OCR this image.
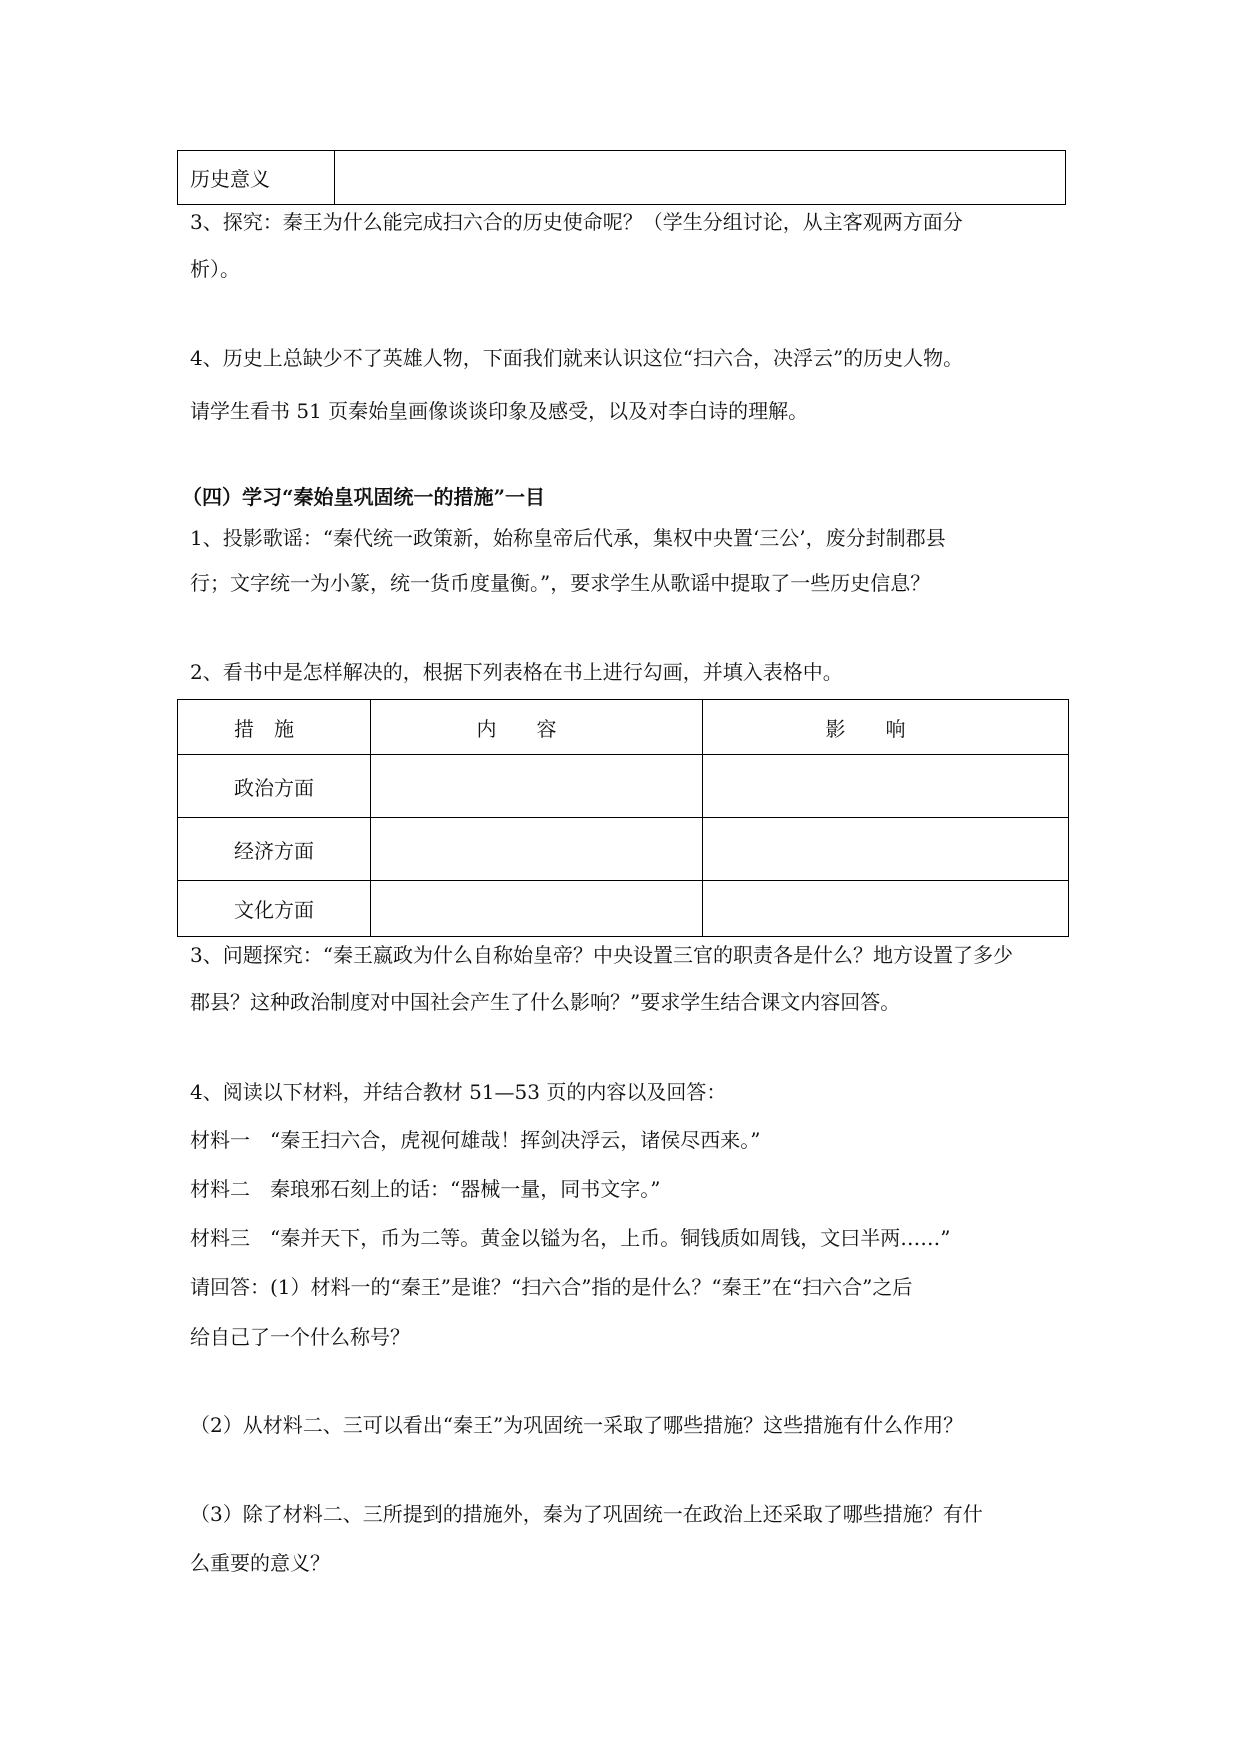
历史意义	
3、探究：秦王为什么能完成扫六合的历史使命呢？（学生分组讨论，从主客观两方面分
析）。
4、历史上总缺少不了英雄人物，下面我们就来认识这位“扫六合，决浮云”的历史人物。
请学生看书 51 页秦始皇画像谈谈印象及感受，以及对李白诗的理解。
（四）学习“秦始皇巩固统一的措施”一目
1、投影歌谣：“秦代统一政策新，始称皇帝后代承，集权中央置‘三公’，废分封制郡县
行；文字统一为小篆，统一货币度量衡。”，要求学生从歌谣中提取了一些历史信息？
2、看书中是怎样解决的，根据下列表格在书上进行勾画，并填入表格中。
措施	内容	影响
政治方面		
经济方面		
文化方面		
3、问题探究：“秦王嬴政为什么自称始皇帝？中央设置三官的职责各是什么？地方设置了多少
郡县？这种政治制度对中国社会产生了什么影响？”要求学生结合课文内容回答。
4、阅读以下材料，并结合教材 51—53 页的内容以及回答：
材料一　“秦王扫六合，虎视何雄哉！挥剑决浮云，诸侯尽西来。”
材料二　秦琅邪石刻上的话：“器械一量，同书文字。”
材料三　“秦并天下，币为二等。黄金以镒为名，上币。铜钱质如周钱，文曰半两……”
请回答：(1）材料一的“秦王”是谁？“扫六合”指的是什么？“秦王”在“扫六合”之后
给自己了一个什么称号？
（2）从材料二、三可以看出“秦王”为巩固统一采取了哪些措施？这些措施有什么作用？
（3）除了材料二、三所提到的措施外，秦为了巩固统一在政治上还采取了哪些措施？有什
么重要的意义？
